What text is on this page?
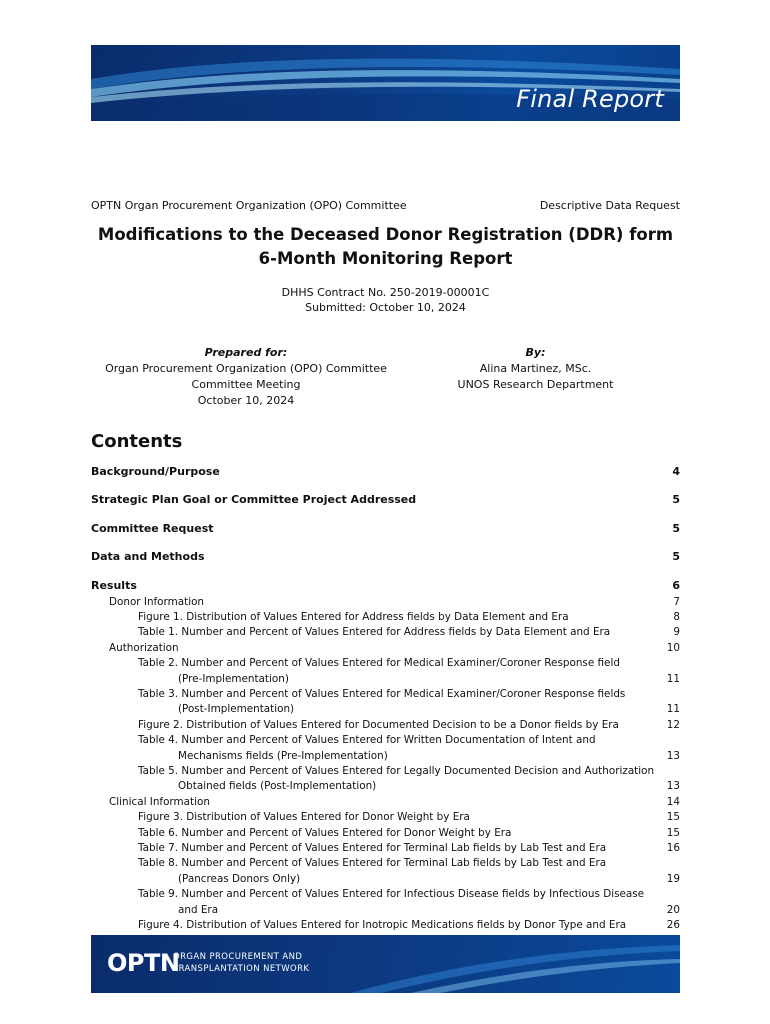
Final Report
OPTN Organ Procurement Organization (OPO) Committee	Descriptive Data Request
Modifications to the Deceased Donor Registration (DDR) form
6-Month Monitoring Report
DHHS Contract No. 250-2019-00001C
Submitted: October 10, 2024
Prepared for:
Organ Procurement Organization (OPO) Committee
Committee Meeting
October 10, 2024
By:
Alina Martinez, MSc.
UNOS Research Department
Contents
Background/Purpose	4
Strategic Plan Goal or Committee Project Addressed	5
Committee Request	5
Data and Methods	5
Results	6
Donor Information	7
Figure 1. Distribution of Values Entered for Address fields by Data Element and Era	8
Table 1. Number and Percent of Values Entered for Address fields by Data Element and Era	9
Authorization	10
Table 2. Number and Percent of Values Entered for Medical Examiner/Coroner Response field
(Pre-Implementation)	11
Table 3. Number and Percent of Values Entered for Medical Examiner/Coroner Response fields
(Post-Implementation)	11
Figure 2. Distribution of Values Entered for Documented Decision to be a Donor fields by Era	12
Table 4. Number and Percent of Values Entered for Written Documentation of Intent and
Mechanisms fields (Pre-Implementation)	13
Table 5. Number and Percent of Values Entered for Legally Documented Decision and Authorization
Obtained fields (Post-Implementation)	13
Clinical Information	14
Figure 3. Distribution of Values Entered for Donor Weight by Era	15
Table 6. Number and Percent of Values Entered for Donor Weight by Era	15
Table 7. Number and Percent of Values Entered for Terminal Lab fields by Lab Test and Era	16
Table 8. Number and Percent of Values Entered for Terminal Lab fields by Lab Test and Era
(Pancreas Donors Only)	19
Table 9. Number and Percent of Values Entered for Infectious Disease fields by Infectious Disease
and Era	20
Figure 4. Distribution of Values Entered for Inotropic Medications fields by Donor Type and Era	26
OPTN
ORGAN PROCUREMENT AND
TRANSPLANTATION NETWORK
